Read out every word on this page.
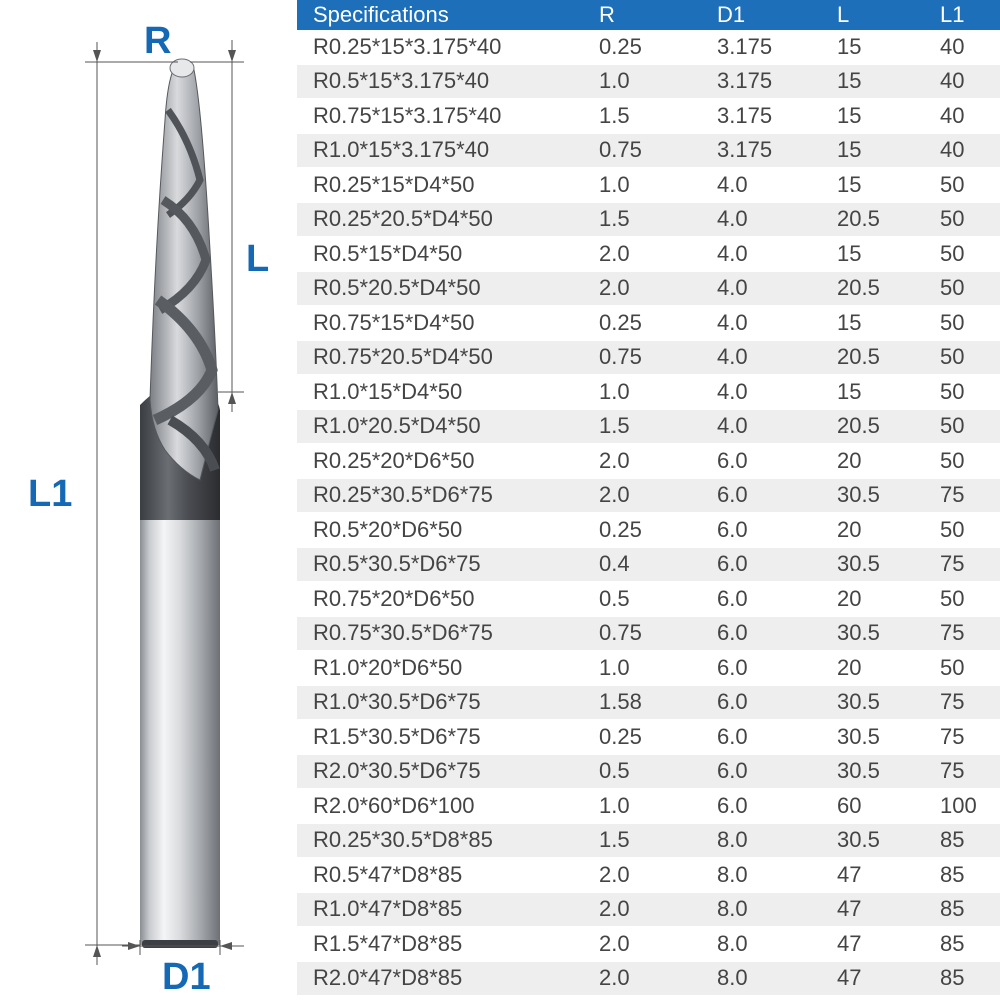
R
L
L1
D1
Specifications	R	D1	L	L1
R0.25*15*3.175*40	0.25	3.175	15	40
R0.5*15*3.175*40	1.0	3.175	15	40
R0.75*15*3.175*40	1.5	3.175	15	40
R1.0*15*3.175*40	0.75	3.175	15	40
R0.25*15*D4*50	1.0	4.0	15	50
R0.25*20.5*D4*50	1.5	4.0	20.5	50
R0.5*15*D4*50	2.0	4.0	15	50
R0.5*20.5*D4*50	2.0	4.0	20.5	50
R0.75*15*D4*50	0.25	4.0	15	50
R0.75*20.5*D4*50	0.75	4.0	20.5	50
R1.0*15*D4*50	1.0	4.0	15	50
R1.0*20.5*D4*50	1.5	4.0	20.5	50
R0.25*20*D6*50	2.0	6.0	20	50
R0.25*30.5*D6*75	2.0	6.0	30.5	75
R0.5*20*D6*50	0.25	6.0	20	50
R0.5*30.5*D6*75	0.4	6.0	30.5	75
R0.75*20*D6*50	0.5	6.0	20	50
R0.75*30.5*D6*75	0.75	6.0	30.5	75
R1.0*20*D6*50	1.0	6.0	20	50
R1.0*30.5*D6*75	1.58	6.0	30.5	75
R1.5*30.5*D6*75	0.25	6.0	30.5	75
R2.0*30.5*D6*75	0.5	6.0	30.5	75
R2.0*60*D6*100	1.0	6.0	60	100
R0.25*30.5*D8*85	1.5	8.0	30.5	85
R0.5*47*D8*85	2.0	8.0	47	85
R1.0*47*D8*85	2.0	8.0	47	85
R1.5*47*D8*85	2.0	8.0	47	85
R2.0*47*D8*85	2.0	8.0	47	85
